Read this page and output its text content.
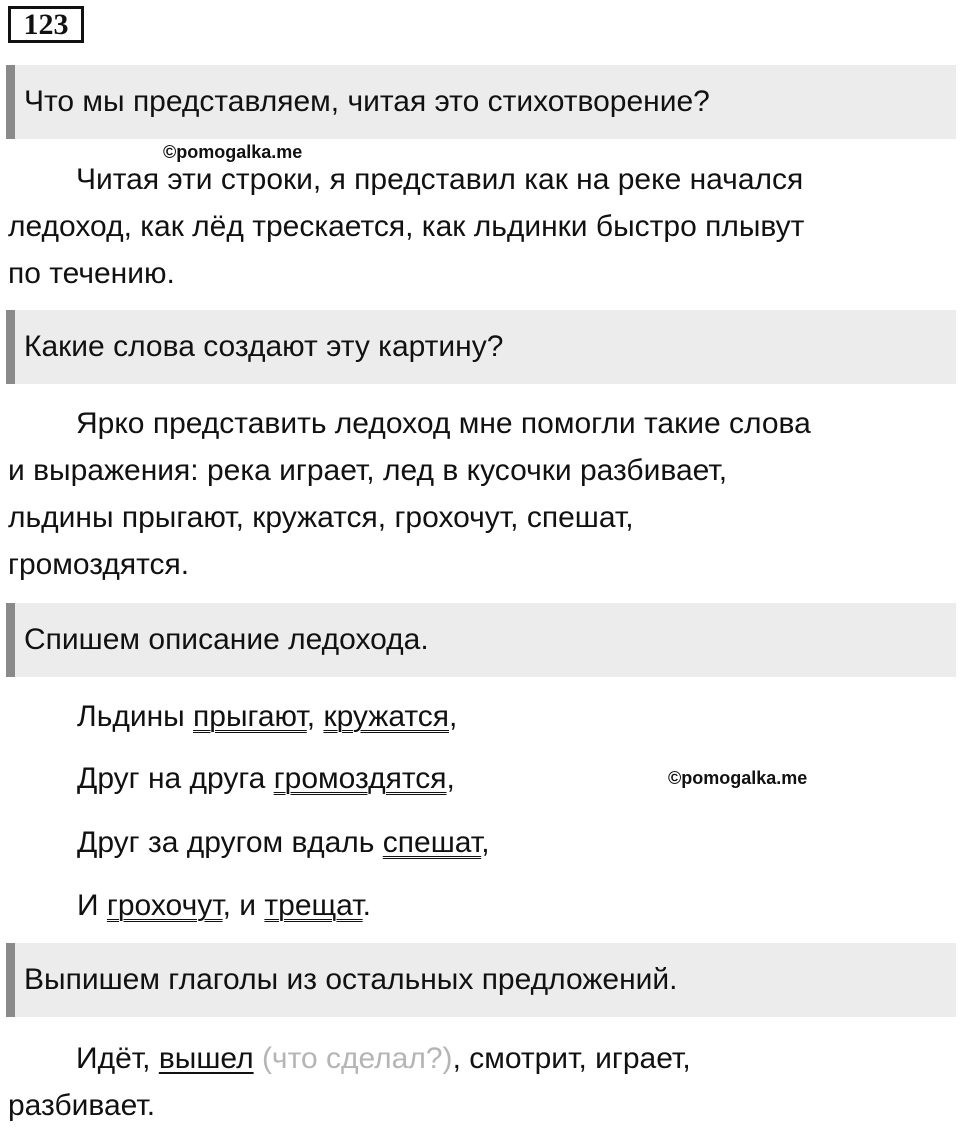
123
Что мы представляем, читая это стихотворение?
©pomogalka.me
Читая эти строки, я представил как на реке начался
ледоход, как лёд трескается, как льдинки быстро плывут
по течению.
Какие слова создают эту картину?
Ярко представить ледоход мне помогли такие слова
и выражения: река играет, лед в кусочки разбивает,
льдины прыгают, кружатся, грохочут, спешат,
громоздятся.
Спишем описание ледохода.
Льдины прыгают, кружатся,
Друг на друга громоздятся,	©pomogalka.me
Друг за другом вдаль спешат,
И грохочут, и трещат.
Выпишем глаголы из остальных предложений.
Идёт, вышел (что сделал?), смотрит, играет,
разбивает.
